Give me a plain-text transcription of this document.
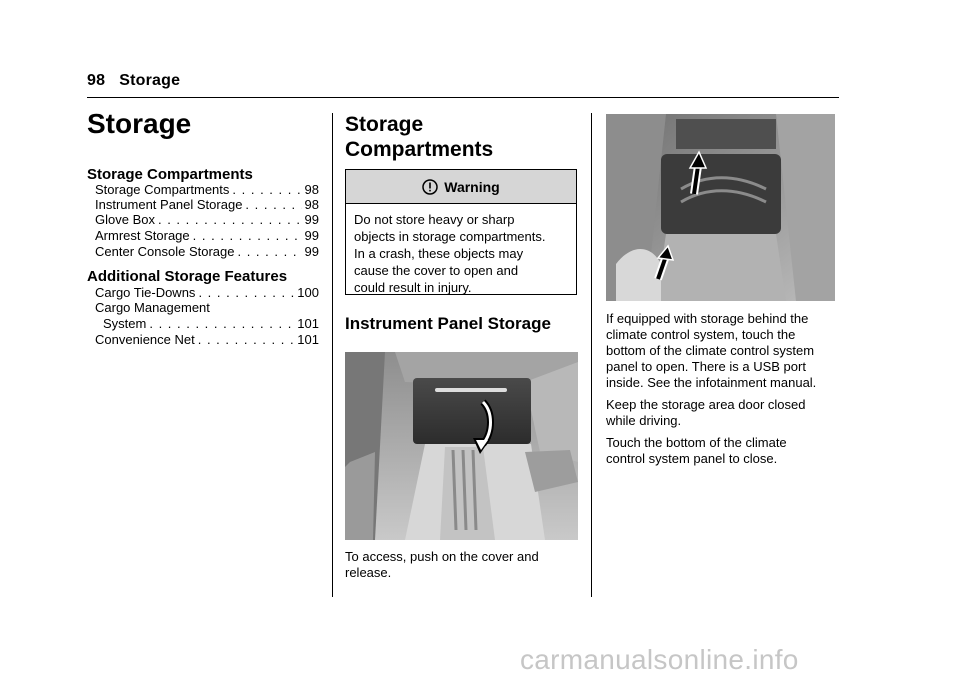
98 Storage
Storage
Storage Compartments
Storage Compartments . . .	98
Instrument Panel Storage . . .	98
Glove Box . . .	99
Armrest Storage . . .	99
Center Console Storage . . .	99
Additional Storage Features
Cargo Tie-Downs . . .	100
Cargo Management
System . . .	101
Convenience Net . . .	101
Storage
Compartments
Warning
Do not store heavy or sharp
objects in storage compartments.
In a crash, these objects may
cause the cover to open and
could result in injury.
Instrument Panel Storage
To access, push on the cover and
release.
If equipped with storage behind the
climate control system, touch the
bottom of the climate control system
panel to open. There is a USB port
inside. See the infotainment manual.
Keep the storage area door closed
while driving.
Touch the bottom of the climate
control system panel to close.
carmanualsonline.info
